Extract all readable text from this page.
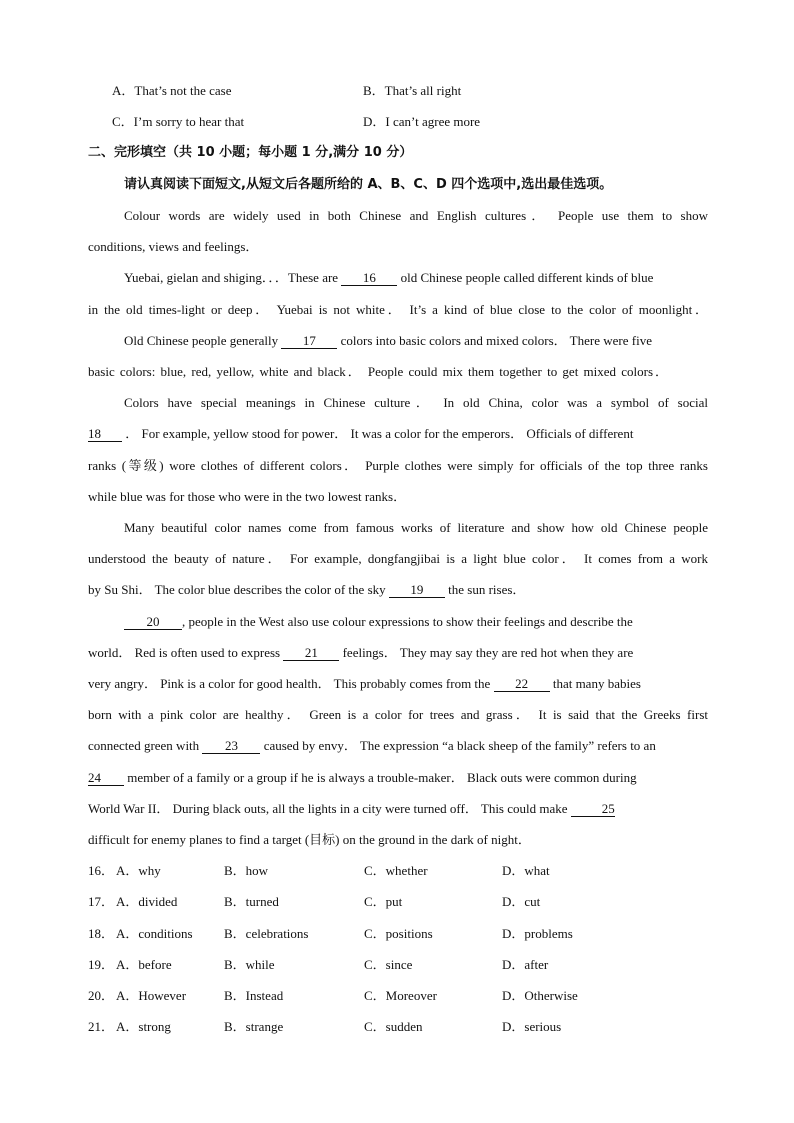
A．That’s not the case	B．That’s all right
C．I’m sorry to hear that	D．I can’t agree more
二、完形填空（共 10 小题；每小题 1 分,满分 10 分）
请认真阅读下面短文,从短文后各题所给的 A、B、C、D 四个选项中,选出最佳选项。
Colour words are widely used in both Chinese and English cultures． People use them to show
conditions, views and feelings．
Yuebai, gielan and shiging．．．These are 16 old Chinese people called different kinds of blue
in the old times-light or deep． Yuebai is not white． It’s a kind of blue close to the color of moonlight．
Old Chinese people generally 17 colors into basic colors and mixed colors． There were five
basic colors: blue, red, yellow, white and black． People could mix them together to get mixed colors．
Colors have special meanings in Chinese culture． In old China, color was a symbol of social
18 ． For example, yellow stood for power． It was a color for the emperors． Officials of different
ranks (等级) wore clothes of different colors． Purple clothes were simply for officials of the top three ranks
while blue was for those who were in the two lowest ranks．
Many beautiful color names come from famous works of literature and show how old Chinese people
understood the beauty of nature． For example, dongfangjibai is a light blue color． It comes from a work
by Su Shi． The color blue describes the color of the sky 19 the sun rises．
20 , people in the West also use colour expressions to show their feelings and describe the
world． Red is often used to express 21 feelings． They may say they are red hot when they are
very angry． Pink is a color for good health． This probably comes from the 22 that many babies
born with a pink color are healthy． Green is a color for trees and grass． It is said that the Greeks first
connected green with 23 caused by envy． The expression “a black sheep of the family” refers to an
24 member of a family or a group if he is always a trouble-maker． Black outs were common during
World War II． During black outs, all the lights in a city were turned off． This could make	25
difficult for enemy planes to find a target (目标) on the ground in the dark of night．
16． A．why	B．how	C．whether	D．what
17． A．divided	B．turned	C．put	D．cut
18． A．conditions B．celebrations	C．positions	D．problems
19． A．before	B．while	C．since	D．after
20． A．However	B．Instead	C．Moreover	D．Otherwise
21． A．strong	B．strange	C．sudden	D．serious
